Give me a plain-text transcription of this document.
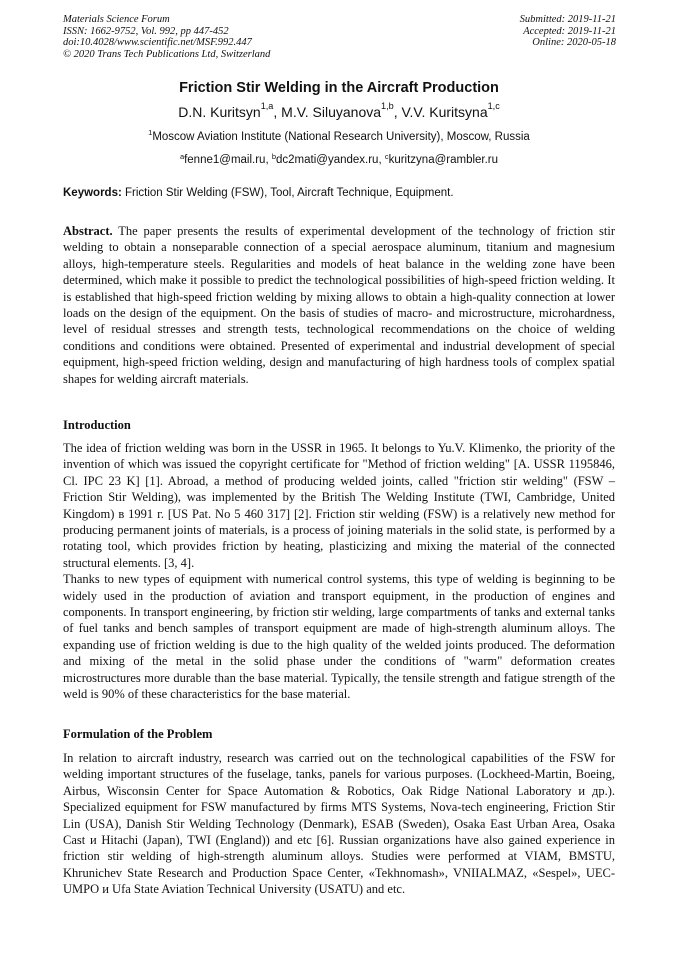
Materials Science Forum
ISSN: 1662-9752, Vol. 992, pp 447-452
doi:10.4028/www.scientific.net/MSF.992.447
© 2020 Trans Tech Publications Ltd, Switzerland
Submitted: 2019-11-21
Accepted: 2019-11-21
Online: 2020-05-18
Friction Stir Welding in the Aircraft Production
D.N. Kuritsyn$^{1,a}$, M.V. Siluyanova$^{1,b}$, V.V. Kuritsyna$^{1,c}$
$^1$Moscow Aviation Institute (National Research University), Moscow, Russia
$^a$fenne1@mail.ru, $^b$dc2mati@yandex.ru, $^c$kuritzyna@rambler.ru
Keywords: Friction Stir Welding (FSW), Tool, Aircraft Technique, Equipment.

Abstract. The paper presents the results of experimental development of the technology of friction stir welding to obtain a nonseparable connection of a special aerospace aluminum, titanium and magnesium alloys, high-temperature steels. Regularities and models of heat balance in the welding zone have been determined, which make it possible to predict the technological possibilities of high-speed friction welding. It is established that high-speed friction welding by mixing allows to obtain a high-quality connection at lower loads on the design of the equipment. On the basis of studies of macro- and microstructure, microhardness, level of residual stresses and strength tests, technological recommendations on the choice of welding conditions and conditions were obtained. Presented of experimental and industrial development of special equipment, high-speed friction welding, design and manufacturing of high hardness tools of complex spatial shapes for welding aircraft materials.

Introduction

The idea of friction welding was born in the USSR in 1965. It belongs to Yu.V. Klimenko, the priority of the invention of which was issued the copyright certificate for "Method of friction welding" [A. USSR 1195846, Cl. IPC 23 K] [1]. Abroad, a method of producing welded joints, called "friction stir welding" (FSW – Friction Stir Welding), was implemented by the British The Welding Institute (TWI, Cambridge, United Kingdom) в 1991 г. [US Pat. No 5 460 317] [2]. Friction stir welding (FSW) is a relatively new method for producing permanent joints of materials, is a process of joining materials in the solid state, is performed by a rotating tool, which provides friction by heating, plasticizing and mixing the material of the connected structural elements. [3, 4].

Thanks to new types of equipment with numerical control systems, this type of welding is beginning to be widely used in the production of aviation and transport equipment, in the production of engines and components. In transport engineering, by friction stir welding, large compartments of tanks and external tanks of fuel tanks and bench samples of transport equipment are made of high-strength aluminum alloys. The expanding use of friction welding is due to the high quality of the welded joints produced. The deformation and mixing of the metal in the solid phase under the conditions of "warm" deformation creates microstructures more durable than the base material. Typically, the tensile strength and fatigue strength of the weld is 90% of these characteristics for the base material.

Formulation of the Problem

In relation to aircraft industry, research was carried out on the technological capabilities of the FSW for welding important structures of the fuselage, tanks, panels for various purposes. (Lockheed-Martin, Boeing, Airbus, Wisconsin Center for Space Automation & Robotics, Oak Ridge National Laboratory и др.). Specialized equipment for FSW manufactured by firms MTS Systems, Nova-tech engineering, Friction Stir Lin (USA), Danish Stir Welding Technology (Denmark), ESAB (Sweden), Osaka East Urban Area, Osaka Cast и Hitachi (Japan), TWI (England)) and etc [6]. Russian organizations have also gained experience in friction stir welding of high-strength aluminum alloys. Studies were performed at VIAM, BMSTU, Khrunichev State Research and Production Space Center, «Tekhnomash», VNIIALMAZ, «Sespel», UEC-UMPO и Ufa State Aviation Technical University (USATU) and etc.
